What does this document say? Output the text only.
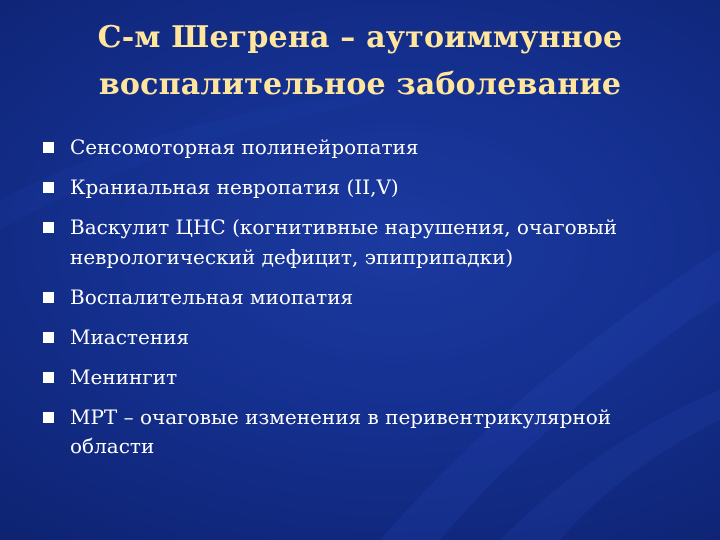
С-м Шегрена – аутоиммунное
воспалительное заболевание
Сенсомоторная полинейропатия
Краниальная невропатия (II,V)
Васкулит ЦНС (когнитивные нарушения, очаговый неврологический дефицит, эпиприпадки)
Воспалительная миопатия
Миастения
Менингит
МРТ – очаговые изменения в перивентрикулярной области
